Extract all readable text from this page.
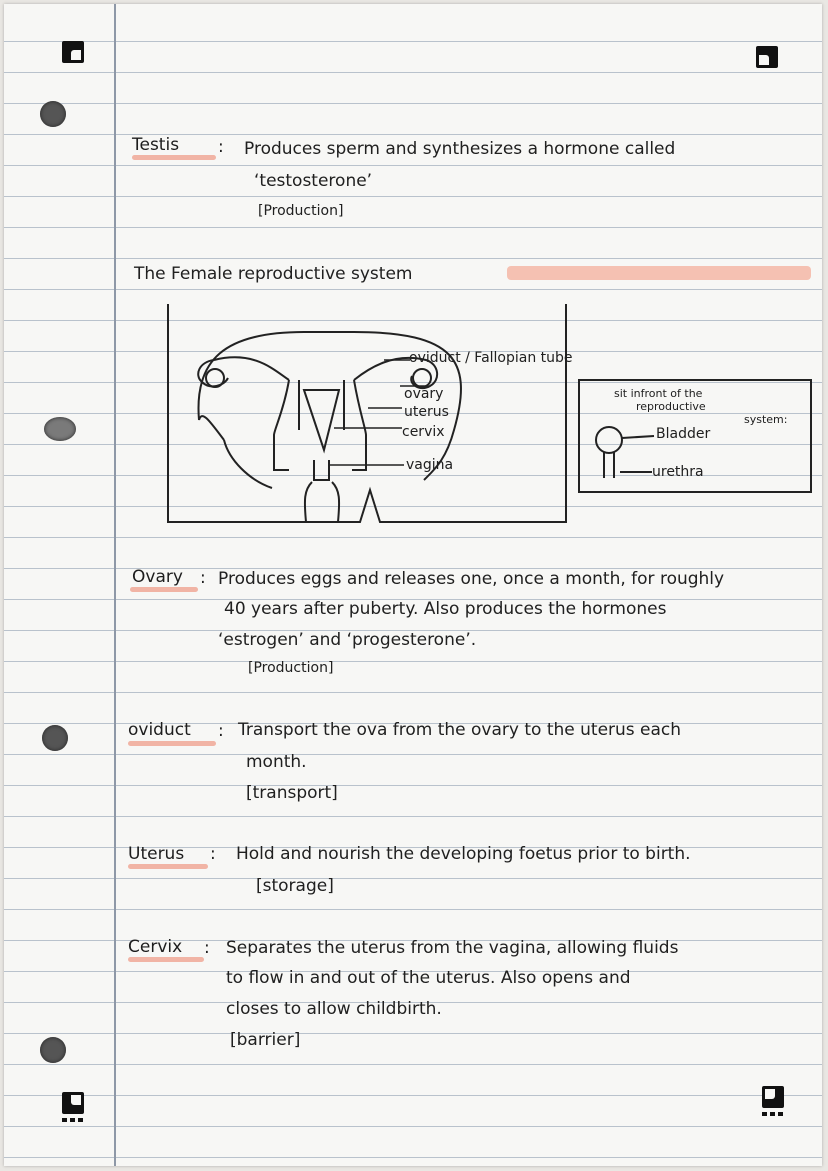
Testis : Produces sperm and synthesizes a hormone called
‘testosterone’
[Production]
The Female reproductive system
oviduct / Fallopian tube
ovary
uterus
cervix
vagina
sit infront of the
reproductive
system:
Bladder
urethra
Ovary : Produces eggs and releases one, once a month, for roughly
40 years after puberty. Also produces the hormones
‘estrogen’ and ‘progesterone’.
[Production]
oviduct : Transport the ova from the ovary to the uterus each
month.
[transport]
Uterus : Hold and nourish the developing foetus prior to birth.
[storage]
Cervix : Separates the uterus from the vagina, allowing fluids
to flow in and out of the uterus. Also opens and
closes to allow childbirth.
[barrier]
